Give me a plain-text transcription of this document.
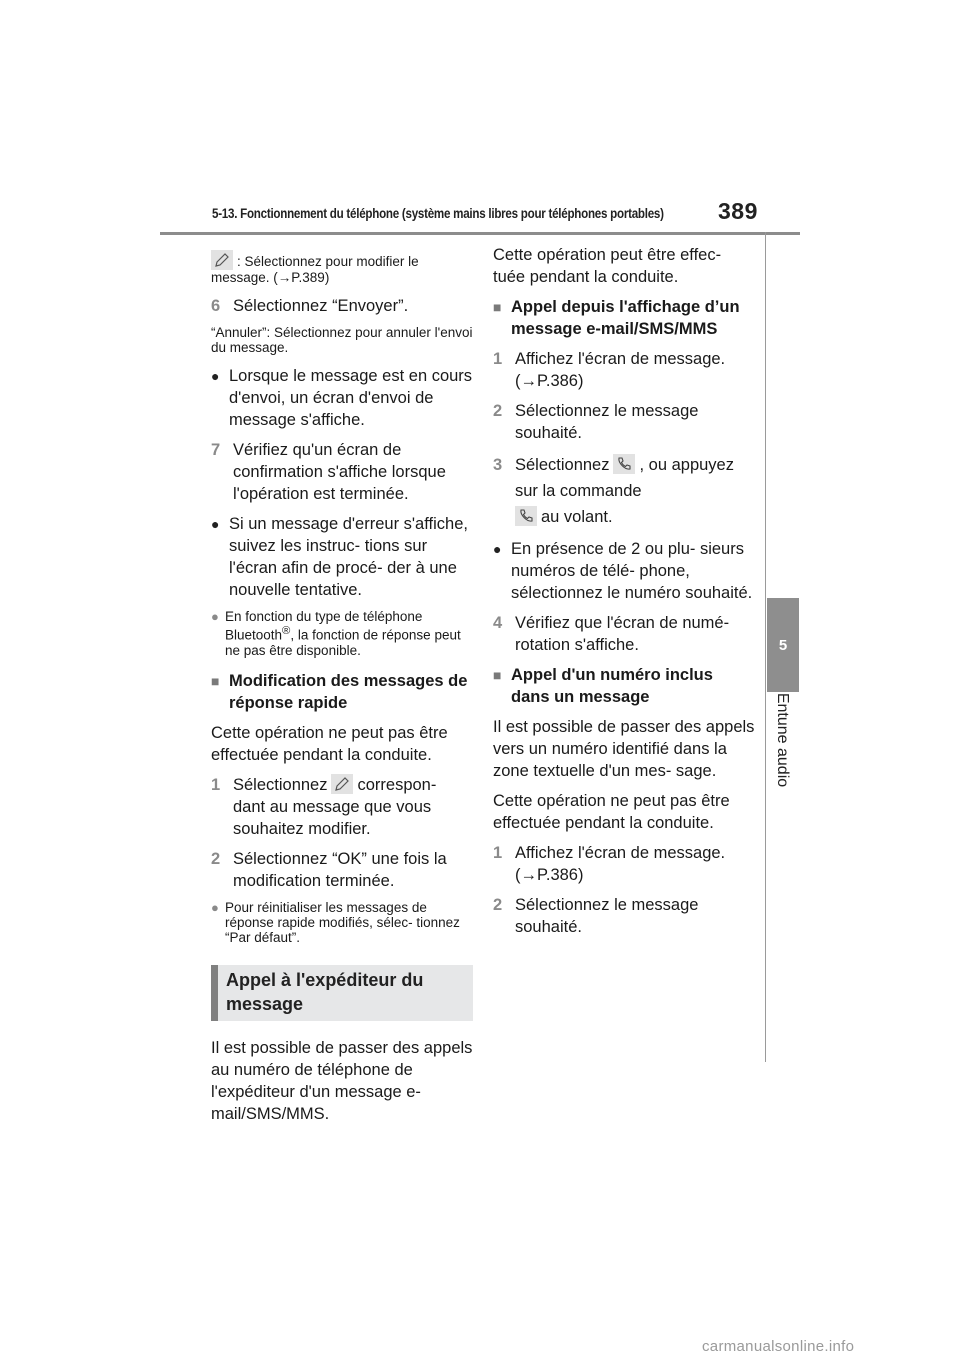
5-13. Fonctionnement du téléphone (système mains libres pour téléphones portables) 389
5
Entune audio
: Sélectionnez pour modifier le message. (→P.389)
6 Sélectionnez “Envoyer”.
“Annuler”: Sélectionnez pour annuler l'envoi du message.
● Lorsque le message est en cours d'envoi, un écran d'envoi de message s'affiche.
7 Vérifiez qu'un écran de confirmation s'affiche lorsque l'opération est terminée.
● Si un message d'erreur s'affiche, suivez les instruc- tions sur l'écran afin de procé- der à une nouvelle tentative.
● En fonction du type de téléphone Bluetooth®, la fonction de réponse peut ne pas être disponible.
■ Modification des messages de réponse rapide
Cette opération ne peut pas être effectuée pendant la conduite.
1 Sélectionnez correspon- dant au message que vous souhaitez modifier.
2 Sélectionnez “OK” une fois la modification terminée.
● Pour réinitialiser les messages de réponse rapide modifiés, sélec- tionnez “Par défaut”.
Appel à l'expéditeur du message
Il est possible de passer des appels au numéro de téléphone de l'expéditeur d'un message e-mail/SMS/MMS.
Cette opération peut être effec- tuée pendant la conduite.
■ Appel depuis l'affichage d’un message e-mail/SMS/MMS
1 Affichez l'écran de message. (→P.386)
2 Sélectionnez le message souhaité.
3 Sélectionnez , ou appuyez sur la commande

au volant.
● En présence de 2 ou plu- sieurs numéros de télé- phone, sélectionnez le numéro souhaité.
4 Vérifiez que l'écran de numé- rotation s'affiche.
■ Appel d'un numéro inclus dans un message
Il est possible de passer des appels vers un numéro identifié dans la zone textuelle d'un mes- sage.
Cette opération ne peut pas être effectuée pendant la conduite.
1 Affichez l'écran de message. (→P.386)
2 Sélectionnez le message souhaité.
carmanualsonline.info
